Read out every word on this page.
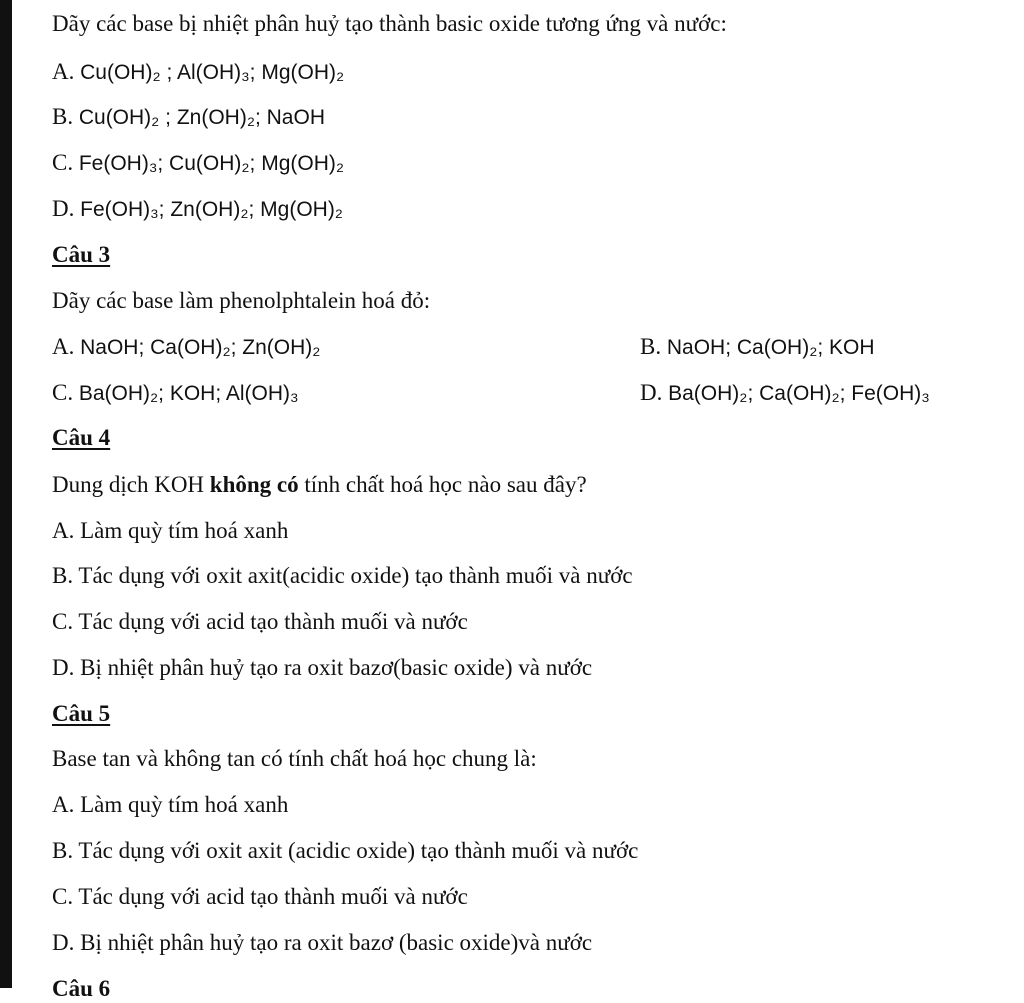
Dãy các base bị nhiệt phân huỷ tạo thành basic oxide tương ứng và nước:
A. Cu(OH)₂ ; Al(OH)₃; Mg(OH)₂
B. Cu(OH)₂ ; Zn(OH)₂; NaOH
C. Fe(OH)₃; Cu(OH)₂; Mg(OH)₂
D. Fe(OH)₃; Zn(OH)₂; Mg(OH)₂
Câu 3
Dãy các base làm phenolphtalein hoá đỏ:
A. NaOH; Ca(OH)₂; Zn(OH)₂	B. NaOH; Ca(OH)₂; KOH
C. Ba(OH)₂; KOH; Al(OH)₃	D. Ba(OH)₂; Ca(OH)₂; Fe(OH)₃
Câu 4
Dung dịch KOH không có tính chất hoá học nào sau đây?
A. Làm quỳ tím hoá xanh
B. Tác dụng với oxit axit(acidic oxide) tạo thành muối và nước
C. Tác dụng với acid tạo thành muối và nước
D. Bị nhiệt phân huỷ tạo ra oxit bazơ(basic oxide) và nước
Câu 5
Base tan và không tan có tính chất hoá học chung là:
A. Làm quỳ tím hoá xanh
B. Tác dụng với oxit axit (acidic oxide) tạo thành muối và nước
C. Tác dụng với acid tạo thành muối và nước
D. Bị nhiệt phân huỷ tạo ra oxit bazơ (basic oxide)và nước
Câu 6
